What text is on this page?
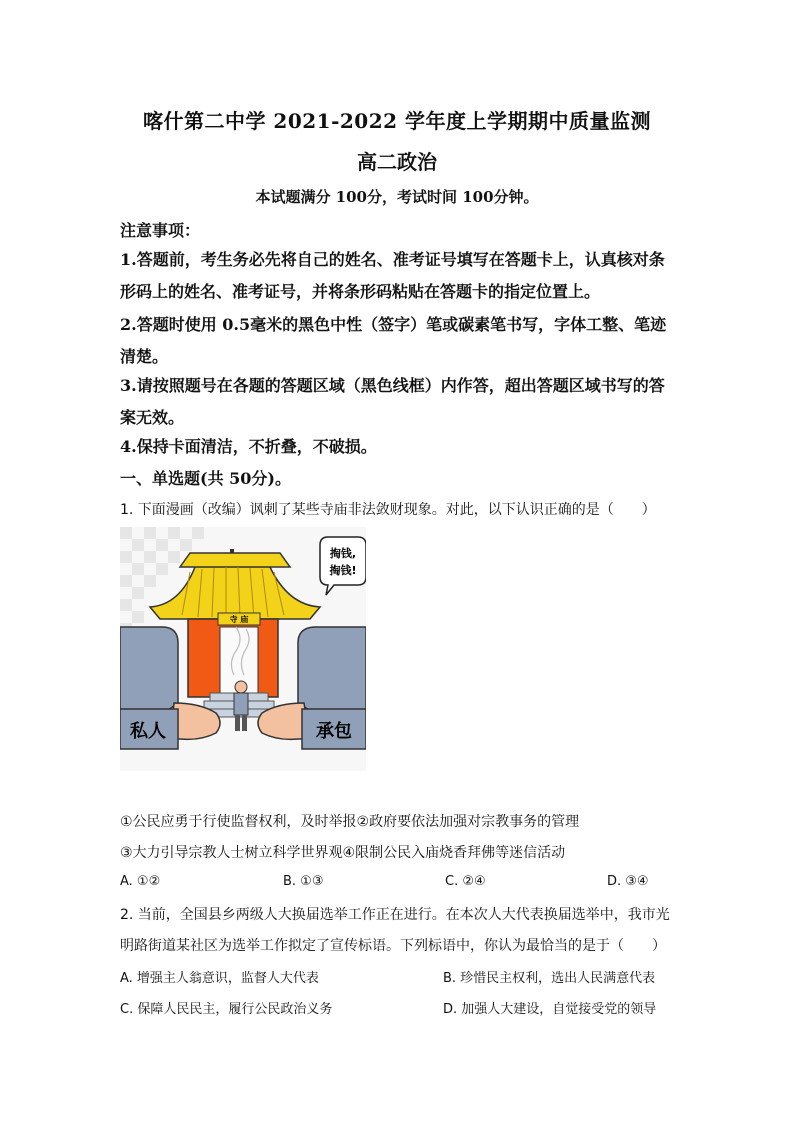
喀什第二中学 2021-2022 学年度上学期期中质量监测
高二政治
本试题满分 100分，考试时间 100分钟。
注意事项：
1.答题前，考生务必先将自己的姓名、准考证号填写在答题卡上，认真核对条
形码上的姓名、准考证号，并将条形码粘贴在答题卡的指定位置上。
2.答题时使用 0.5毫米的黑色中性（签字）笔或碳素笔书写，字体工整、笔迹
清楚。
3.请按照题号在各题的答题区域（黑色线框）内作答，超出答题区域书写的答
案无效。
4.保持卡面清洁，不折叠，不破损。
一、单选题(共 50分)。
1. 下面漫画（改编）讽刺了某些寺庙非法敛财现象。对此，以下认识正确的是（　　）
掏钱,
掏钱!
寺 庙
私人	承包
①公民应勇于行使监督权利，及时举报②政府要依法加强对宗教事务的管理
③大力引导宗教人士树立科学世界观④限制公民入庙烧香拜佛等迷信活动
A. ①②	B. ①③	C. ②④	D. ③④
2. 当前，全国县乡两级人大换届选举工作正在进行。在本次人大代表换届选举中，我市光
明路街道某社区为选举工作拟定了宣传标语。下列标语中，你认为最恰当的是于（　　）
A. 增强主人翁意识，监督人大代表	B. 珍惜民主权利，选出人民满意代表
C. 保障人民民主，履行公民政治义务	D. 加强人大建设，自觉接受党的领导
